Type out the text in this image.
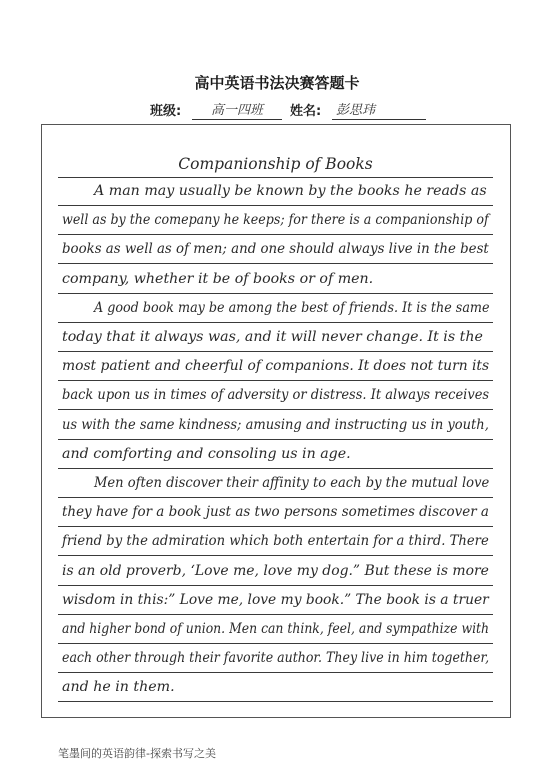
高中英语书法决赛答题卡
班级:	高一四班	姓名:	彭思玮
Companionship of Books
A man may usually be known by the books he reads as
well as by the comepany he keeps; for there is a companionship of
books as well as of men; and one should always live in the best
company, whether it be of books or of men.
A good book may be among the best of friends. It is the same
today that it always was, and it will never change. It is the
most patient and cheerful of companions. It does not turn its
back upon us in times of adversity or distress. It always receives
us with the same kindness; amusing and instructing us in youth,
and comforting and consoling us in age.
Men often discover their affinity to each by the mutual love
they have for a book just as two persons sometimes discover a
friend by the admiration which both entertain for a third. There
is an old proverb, ‘Love me, love my dog.” But these is more
wisdom in this:” Love me, love my book.” The book is a truer
and higher bond of union. Men can think, feel, and sympathize with
each other through their favorite author. They live in him together,
and he in them.
笔墨间的英语韵律-探索书写之美
